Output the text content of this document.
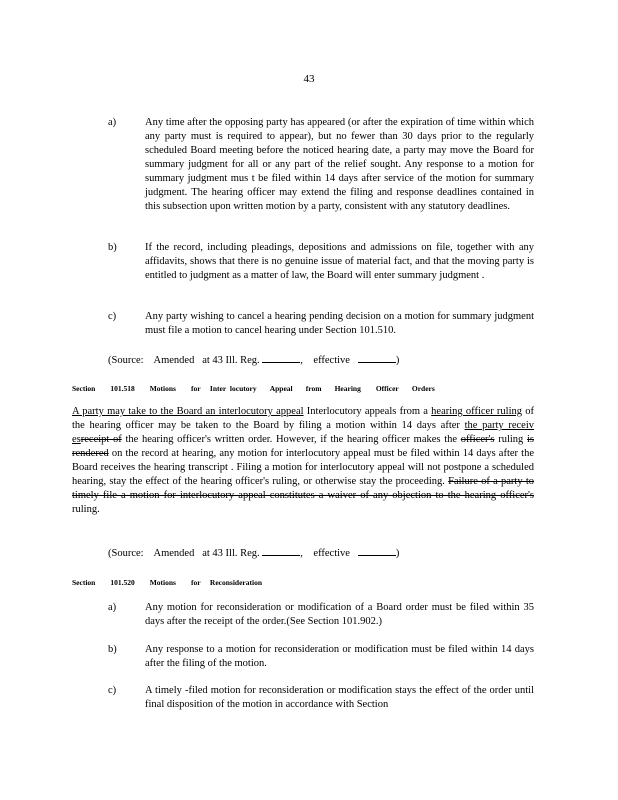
43
a)	Any time after the opposing party has appeared (or after the expiration of time within which any party must is required to appear), but no fewer than 30 days prior to the regularly scheduled Board meeting before the noticed hearing date, a party may move the Board for summary judgment for all or any part of the relief sought. Any response to a motion for summary judgment mus t be filed within 14 days after service of the motion for summary judgment. The hearing officer may extend the filing and response deadlines contained in this subsection upon written motion by a party, consistent with any statutory deadlines.
b)	If the record, including pleadings, depositions and admissions on file, together with any affidavits, shows that there is no genuine issue of material fact, and that the moving party is entitled to judgment as a matter of law, the Board will enter summary judgment .
c)	Any party wishing to cancel a hearing pending decision on a motion for summary judgment must file a motion to cancel hearing under Section 101.510.
(Source: Amended at 43 Ill. Reg.	,    effective	)
Section 101.518 Motions for Inter locutory Appeal from Hearing Officer Orders
A party may take to the Board an interlocutory appeal Interlocutory appeals from a hearing officer ruling of the hearing officer may be taken to the Board by filing a motion within 14 days after the party receiv esreceipt of the hearing officer's written order. However, if the hearing officer makes the officer's ruling is rendered on the record at hearing, any motion for interlocutory appeal must be filed within 14 days after the Board receives the hearing transcript . Filing a motion for interlocutory appeal will not postpone a scheduled hearing, stay the effect of the hearing officer's ruling, or otherwise stay the proceeding. Failure of a party to timely file a motion for interlocutory appeal constitutes a waiver of any objection to the hearing officer's ruling.
(Source: Amended at 43 Ill. Reg.	,    effective	)
Section 101.520 Motions for Reconsideration
a)	Any motion for reconsideration or modification of a Board order must be filed within 35 days after the receipt of the order.(See Section 101.902.)
b)	Any response to a motion for reconsideration or modification must be filed within 14 days after the filing of the motion.
c)	A timely -filed motion for reconsideration or modification stays the effect of the order until final disposition of the motion in accordance with Section
